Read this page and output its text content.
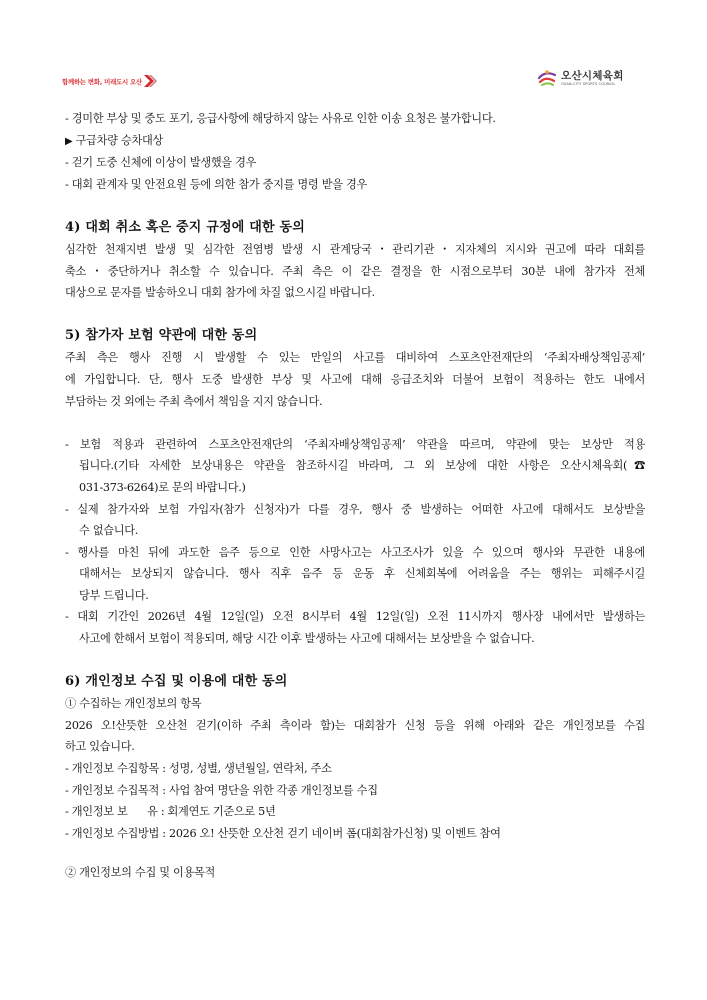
함께하는 변화, 미래도시 오산	오산시체육회
OSAN-CITY SPORTS COUNCIL
- 경미한 부상 및 중도 포기, 응급사항에 해당하지 않는 사유로 인한 이송 요청은 불가합니다.
▶ 구급차량 승차대상
- 걷기 도중 신체에 이상이 발생했을 경우
- 대회 관계자 및 안전요원 등에 의한 참가 중지를 명령 받을 경우
4) 대회 취소 혹은 중지 규정에 대한 동의
심각한 천재지변 발생 및 심각한 전염병 발생 시 관계당국・관리기관・지자체의 지시와 권고에 따라 대회를
축소・중단하거나 취소할 수 있습니다. 주최 측은 이 같은 결정을 한 시점으로부터 30분 내에 참가자 전체
대상으로 문자를 발송하오니 대회 참가에 차질 없으시길 바랍니다.
5) 참가자 보험 약관에 대한 동의
주최 측은 행사 진행 시 발생할 수 있는 만일의 사고를 대비하여 스포츠안전재단의 ‘주최자배상책임공제’
에 가입합니다. 단, 행사 도중 발생한 부상 및 사고에 대해 응급조치와 더불어 보험이 적용하는 한도 내에서
부담하는 것 외에는 주최 측에서 책임을 지지 않습니다.
- 보험 적용과 관련하여 스포츠안전재단의 ‘주최자배상책임공제’ 약관을 따르며, 약관에 맞는 보상만 적용
됩니다.(기타 자세한 보상내용은 약관을 참조하시길 바라며, 그 외 보상에 대한 사항은 오산시체육회(☎
031-373-6264)로 문의 바랍니다.)
- 실제 참가자와 보험 가입자(참가 신청자)가 다를 경우, 행사 중 발생하는 어떠한 사고에 대해서도 보상받을
수 없습니다.
- 행사를 마친 뒤에 과도한 음주 등으로 인한 사망사고는 사고조사가 있을 수 있으며 행사와 무관한 내용에
대해서는 보상되지 않습니다. 행사 직후 음주 등 운동 후 신체회복에 어려움을 주는 행위는 피해주시길
당부 드립니다.
- 대회 기간인 2026년 4월 12일(일) 오전 8시부터 4월 12일(일) 오전 11시까지 행사장 내에서만 발생하는
사고에 한해서 보험이 적용되며, 해당 시간 이후 발생하는 사고에 대해서는 보상받을 수 없습니다.
6) 개인정보 수집 및 이용에 대한 동의
① 수집하는 개인정보의 항목
2026 오!산뜻한 오산천 걷기(이하 주최 측이라 함)는 대회참가 신청 등을 위해 아래와 같은 개인정보를 수집
하고 있습니다.
- 개인정보 수집항목 : 성명, 성별, 생년월일, 연락처, 주소
- 개인정보 수집목적 : 사업 참여 명단을 위한 각종 개인정보를 수집
- 개인정보 보      유 : 회계연도 기준으로 5년
- 개인정보 수집방법 : 2026 오! 산뜻한 오산천 걷기 네이버 폼(대회참가신청) 및 이벤트 참여
② 개인정보의 수집 및 이용목적
